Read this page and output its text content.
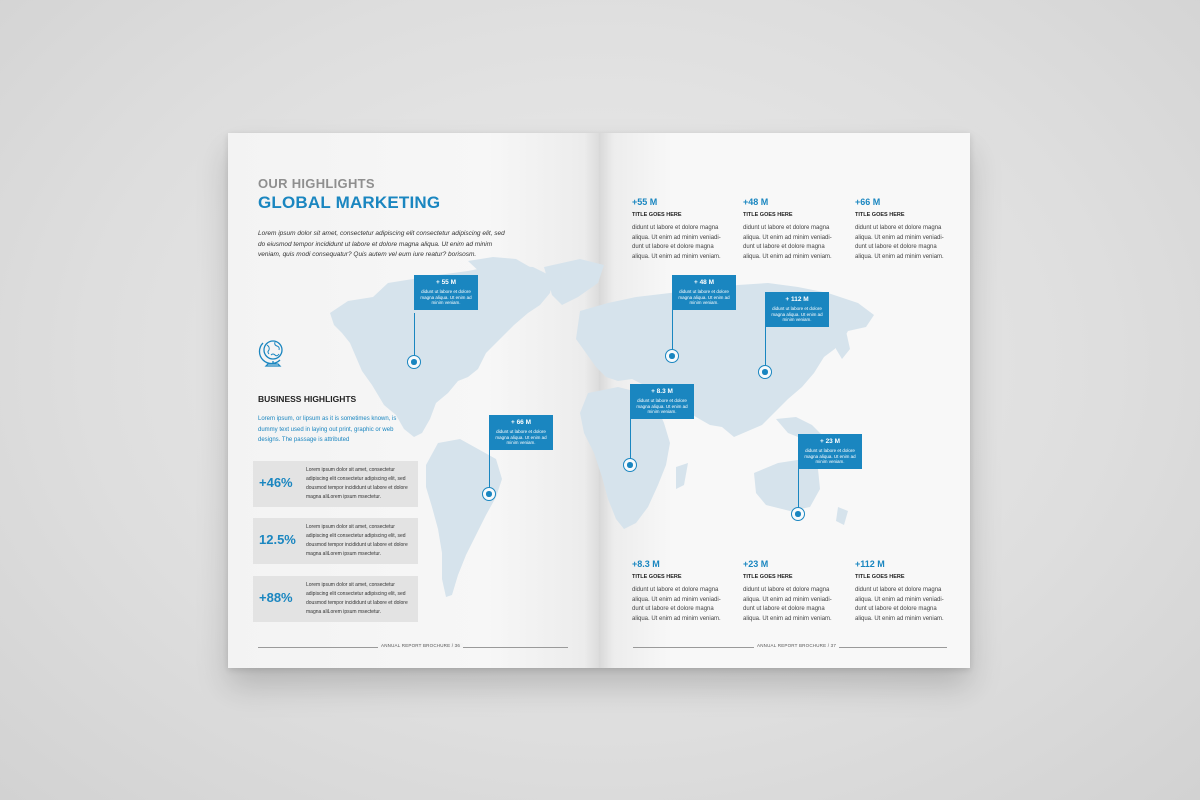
OUR HIGHLIGHTS
GLOBAL MARKETING
Lorem ipsum dolor sit amet, consectetur adipiscing elit consectetur adipiscing elit, sed do eiusmod tempor incididunt ut labore et dolore magna aliqua. Ut enim ad minim veniam, quis modi consequatur? Quis autem vel eum iure reatur? borisosm.
BUSINESS HIGHLIGHTS
Lorem ipsum, or lipsum as it is sometimes known, is dummy text used in laying out print, graphic or web designs. The passage is attributed
+46%
Lorem ipsum dolor sit amet, consectetur adipiscing elit consectetur adipiscing elit, sed dousmod tempor incididunt ut labore et dolore magna aliLorem ipsum msectetur.
12.5%
Lorem ipsum dolor sit amet, consectetur adipiscing elit consectetur adipiscing elit, sed dousmod tempor incididunt ut labore et dolore magna aliLorem ipsum msectetur.
+88%
Lorem ipsum dolor sit amet, consectetur adipiscing elit consectetur adipiscing elit, sed dousmod tempor incididunt ut labore et dolore magna aliLorem ipsum msectetur.
ANNUAL REPORT BROCHURE / 36
+55 M
TITLE GOES HERE
didunt ut labore et dolore magna aliqua. Ut enim ad minim veniadi-dunt ut labore et dolore magna aliqua. Ut enim ad minim veniam.
+48 M
TITLE GOES HERE
didunt ut labore et dolore magna aliqua. Ut enim ad minim veniadi-dunt ut labore et dolore magna aliqua. Ut enim ad minim veniam.
+66 M
TITLE GOES HERE
didunt ut labore et dolore magna aliqua. Ut enim ad minim veniadi-dunt ut labore et dolore magna aliqua. Ut enim ad minim veniam.
+8.3 M
TITLE GOES HERE
didunt ut labore et dolore magna aliqua. Ut enim ad minim veniadi-dunt ut labore et dolore magna aliqua. Ut enim ad minim veniam.
+23 M
TITLE GOES HERE
didunt ut labore et dolore magna aliqua. Ut enim ad minim veniadi-dunt ut labore et dolore magna aliqua. Ut enim ad minim veniam.
+112 M
TITLE GOES HERE
didunt ut labore et dolore magna aliqua. Ut enim ad minim veniadi-dunt ut labore et dolore magna aliqua. Ut enim ad minim veniam.
ANNUAL REPORT BROCHURE / 37
+ 55 M
didunt ut labore et dolore magna aliqua. Ut enim ad minim veniam.
+ 66 M
didunt ut labore et dolore magna aliqua. Ut enim ad minim veniam.
+ 48 M
didunt ut labore et dolore magna aliqua. Ut enim ad minim veniam.
+ 8.3 M
didunt ut labore et dolore magna aliqua. Ut enim ad minim veniam.
+ 112 M
didunt ut labore et dolore magna aliqua. Ut enim ad minim veniam.
+ 23 M
didunt ut labore et dolore magna aliqua. Ut enim ad minim veniam.
